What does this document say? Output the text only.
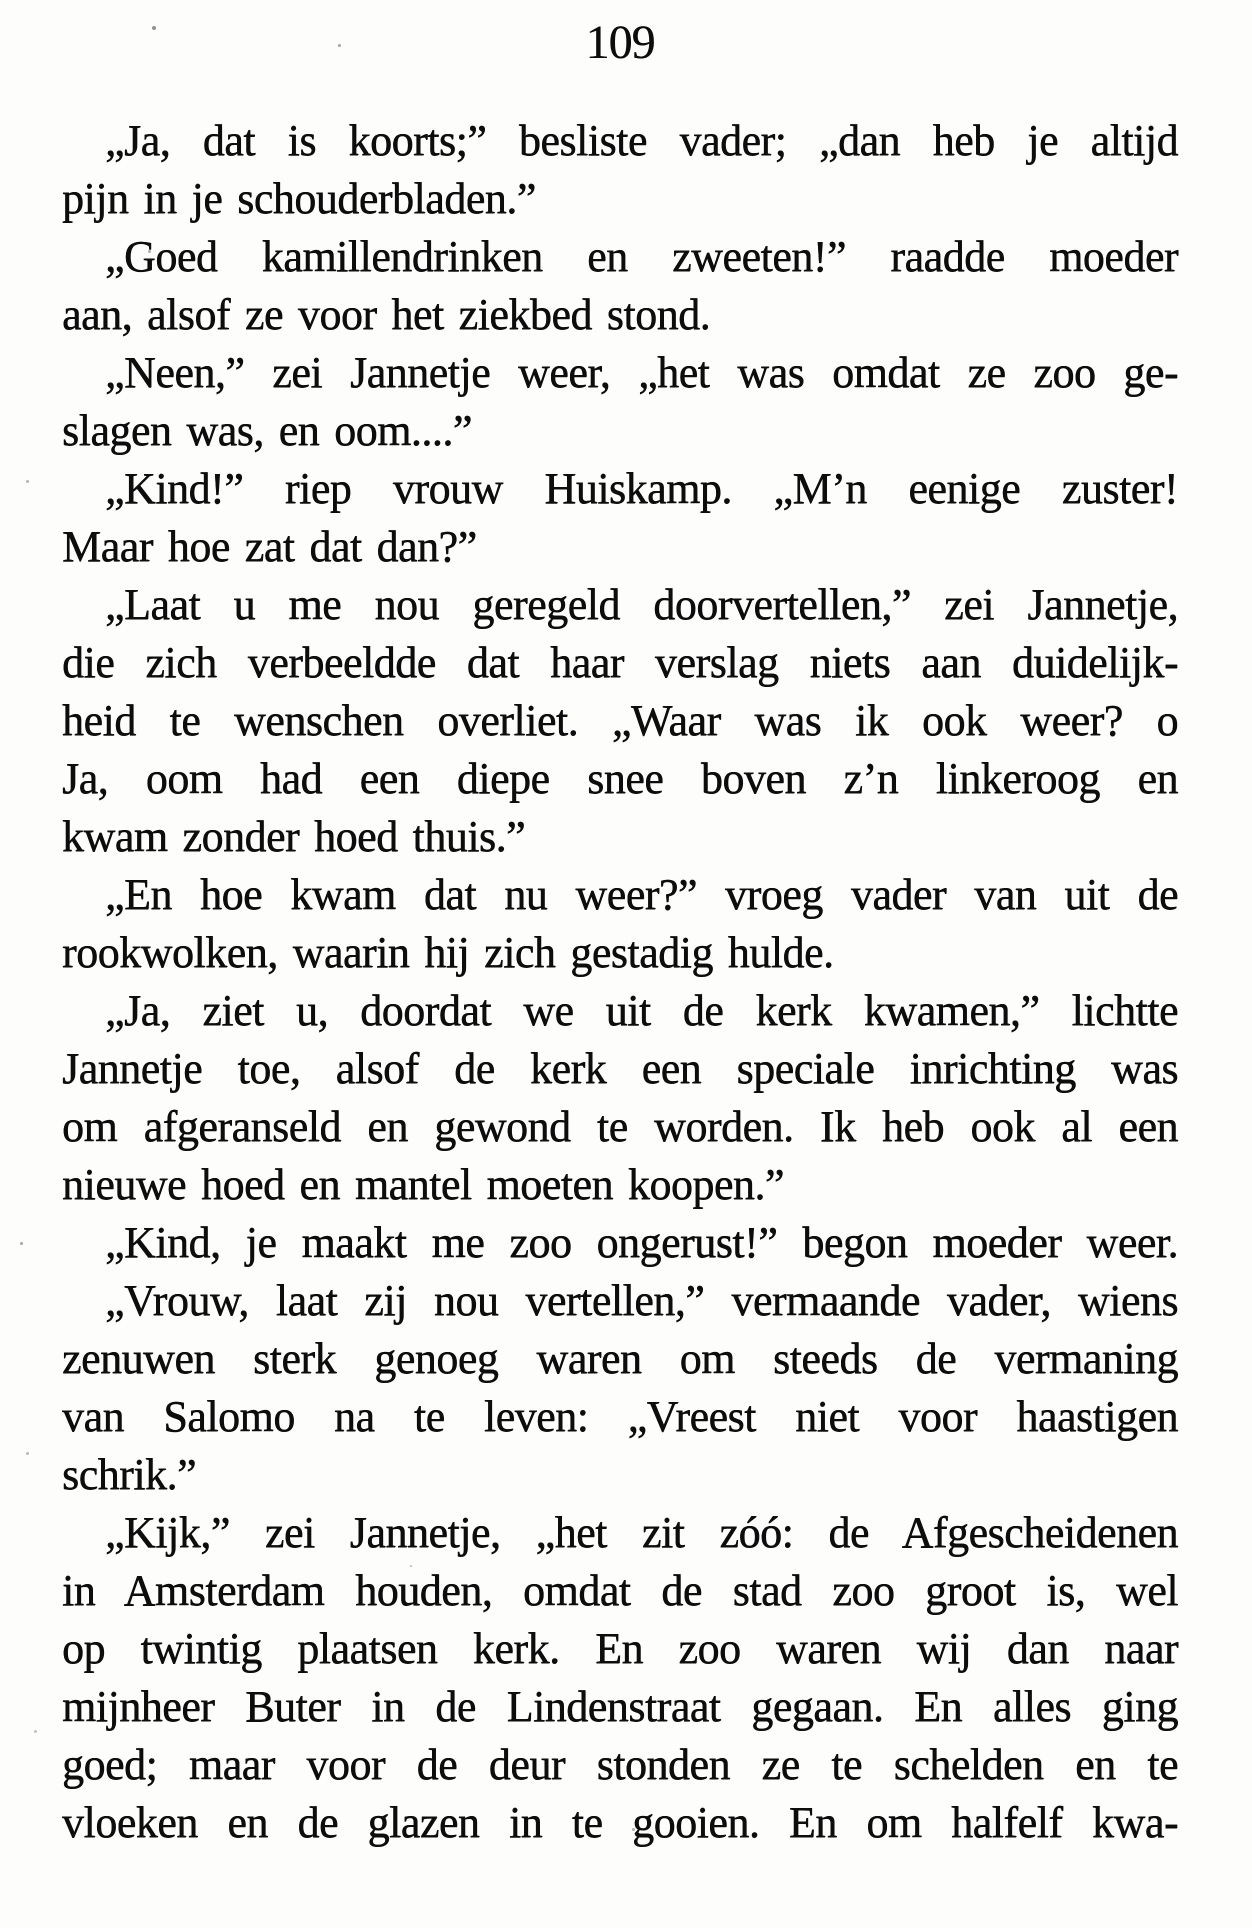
109
„Ja, dat is koorts;” besliste vader; „dan heb je altijd
pijn in je schouderbladen.”
„Goed kamillendrinken en zweeten!” raadde moeder
aan, alsof ze voor het ziekbed stond.
„Neen,” zei Jannetje weer, „het was omdat ze zoo ge-
slagen was, en oom....”
„Kind!” riep vrouw Huiskamp. „M’n eenige zuster!
Maar hoe zat dat dan?”
„Laat u me nou geregeld doorvertellen,” zei Jannetje,
die zich verbeeldde dat haar verslag niets aan duidelijk-
heid te wenschen overliet. „Waar was ik ook weer? o
Ja, oom had een diepe snee boven z’n linkeroog en
kwam zonder hoed thuis.”
„En hoe kwam dat nu weer?” vroeg vader van uit de
rookwolken, waarin hij zich gestadig hulde.
„Ja, ziet u, doordat we uit de kerk kwamen,” lichtte
Jannetje toe, alsof de kerk een speciale inrichting was
om afgeranseld en gewond te worden. Ik heb ook al een
nieuwe hoed en mantel moeten koopen.”
„Kind, je maakt me zoo ongerust!” begon moeder weer.
„Vrouw, laat zij nou vertellen,” vermaande vader, wiens
zenuwen sterk genoeg waren om steeds de vermaning
van Salomo na te leven: „Vreest niet voor haastigen
schrik.”
„Kijk,” zei Jannetje, „het zit zóó: de Afgescheidenen
in Amsterdam houden, omdat de stad zoo groot is, wel
op twintig plaatsen kerk. En zoo waren wij dan naar
mijnheer Buter in de Lindenstraat gegaan. En alles ging
goed; maar voor de deur stonden ze te schelden en te
vloeken en de glazen in te gooien. En om halfelf kwa-
